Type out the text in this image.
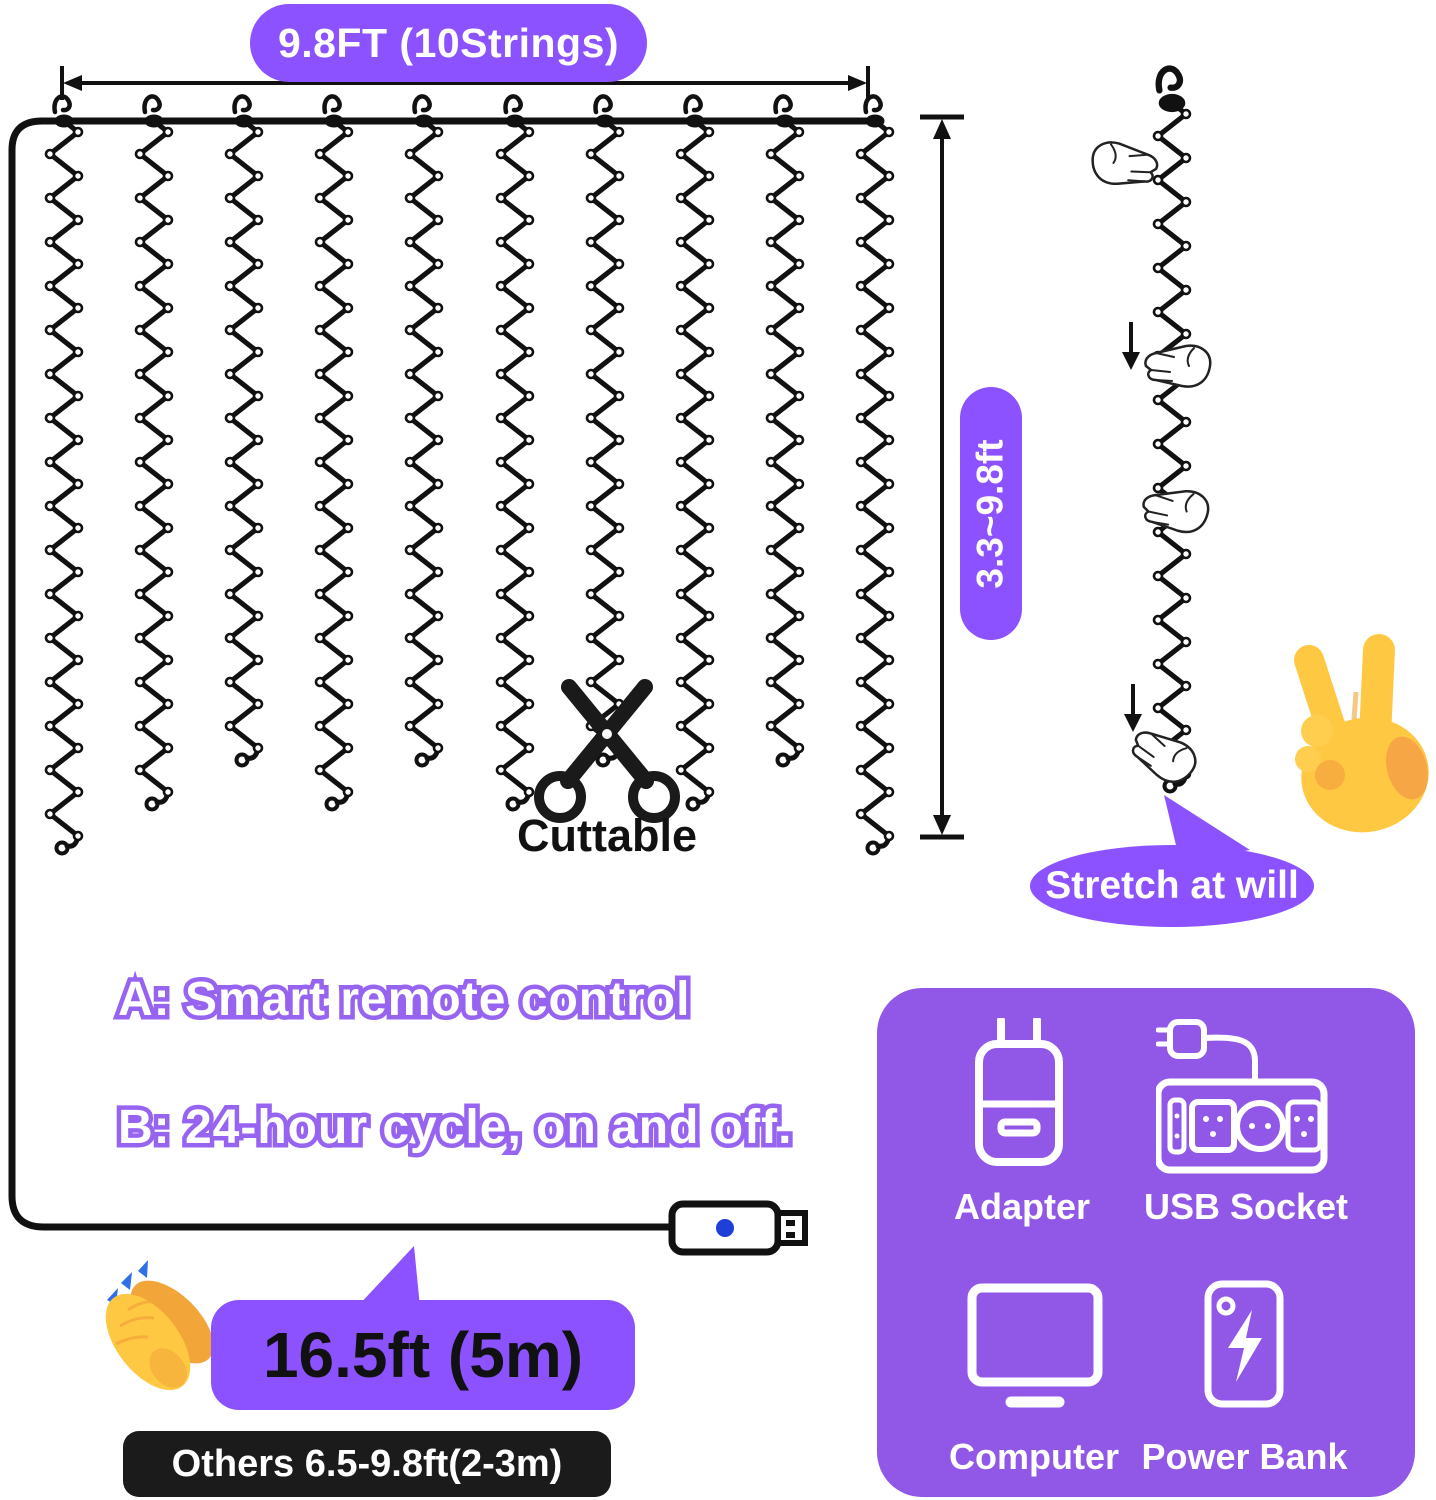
9.8FT (10Strings)
3.3~9.8ft
Cuttable
Stretch at will
A: Smart remote control
B: 24-hour cycle, on and off.
16.5ft (5m)
Others 6.5-9.8ft(2-3m)
Adapter	USB Socket
Computer Power Bank
